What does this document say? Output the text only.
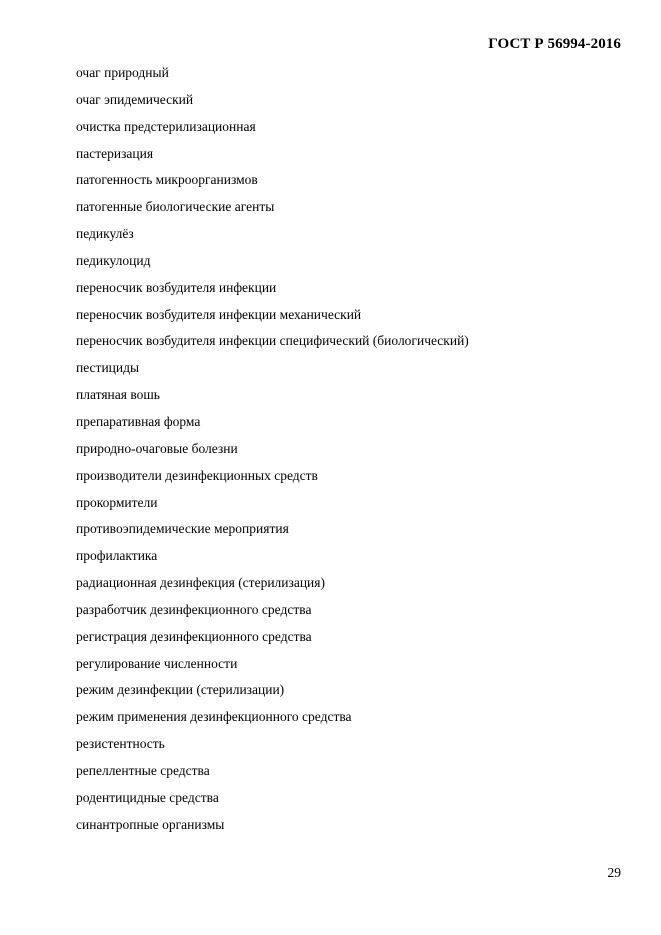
ГОСТ Р 56994-2016
очаг природный
очаг эпидемический
очистка предстерилизационная
пастеризация
патогенность микроорганизмов
патогенные биологические агенты
педикулёз
педикулоцид
переносчик возбудителя инфекции
переносчик возбудителя инфекции механический
переносчик возбудителя инфекции специфический (биологический)
пестициды
платяная вошь
препаративная форма
природно-очаговые болезни
производители дезинфекционных средств
прокормители
противоэпидемические мероприятия
профилактика
радиационная дезинфекция (стерилизация)
разработчик дезинфекционного средства
регистрация дезинфекционного средства
регулирование численности
режим дезинфекции (стерилизации)
режим применения дезинфекционного средства
резистентность
репеллентные средства
родентицидные средства
синантропные организмы
29
